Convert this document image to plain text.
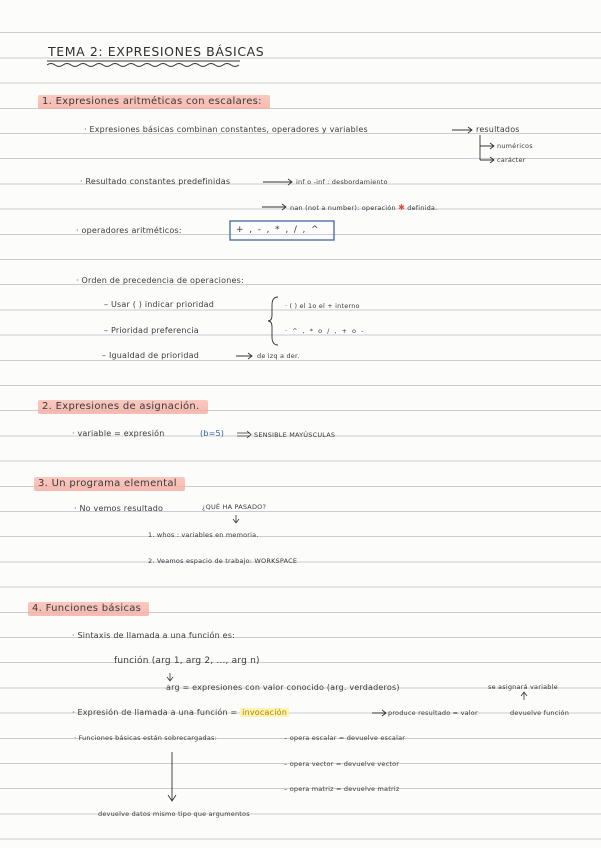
TEMA 2: EXPRESIONES BÁSICAS
1. Expresiones aritméticas con escalares:
· Expresiones básicas combinan constantes, operadores y variables	resultados
numéricos
carácter
· Resultado constantes predefinidas	inf o -inf : desbordamiento
nan (not a number): operación ✱ definida.
· operadores aritméticos:	+ , - , * , / , ^
· Orden de precedencia de operaciones:
– Usar ( ) indicar prioridad	· ( ) el 1o el + interno
– Prioridad preferencia	· ^ , * o / , + o -
– Igualdad de prioridad	de izq a der.
2. Expresiones de asignación.
· variable = expresión	(b=5)	SENSIBLE MAYÚSCULAS
3. Un programa elemental
· No vemos resultado	¿QUÉ HA PASADO?
1. whos : variables en memoria.
2. Veamos espacio de trabajo: WORKSPACE
4. Funciones básicas
· Sintaxis de llamada a una función es:
función (arg 1, arg 2, ..., arg n)
arg = expresiones con valor conocido (arg. verdaderos)	se asignará variable
· Expresión de llamada a una función = invocación	produce resultado = valor	devuelve función
· Funciones básicas están sobrecargadas:	– opera escalar = devuelve escalar
– opera vector = devuelve vector
– opera matriz = devuelve matriz
devuelve datos mismo tipo que argumentos
